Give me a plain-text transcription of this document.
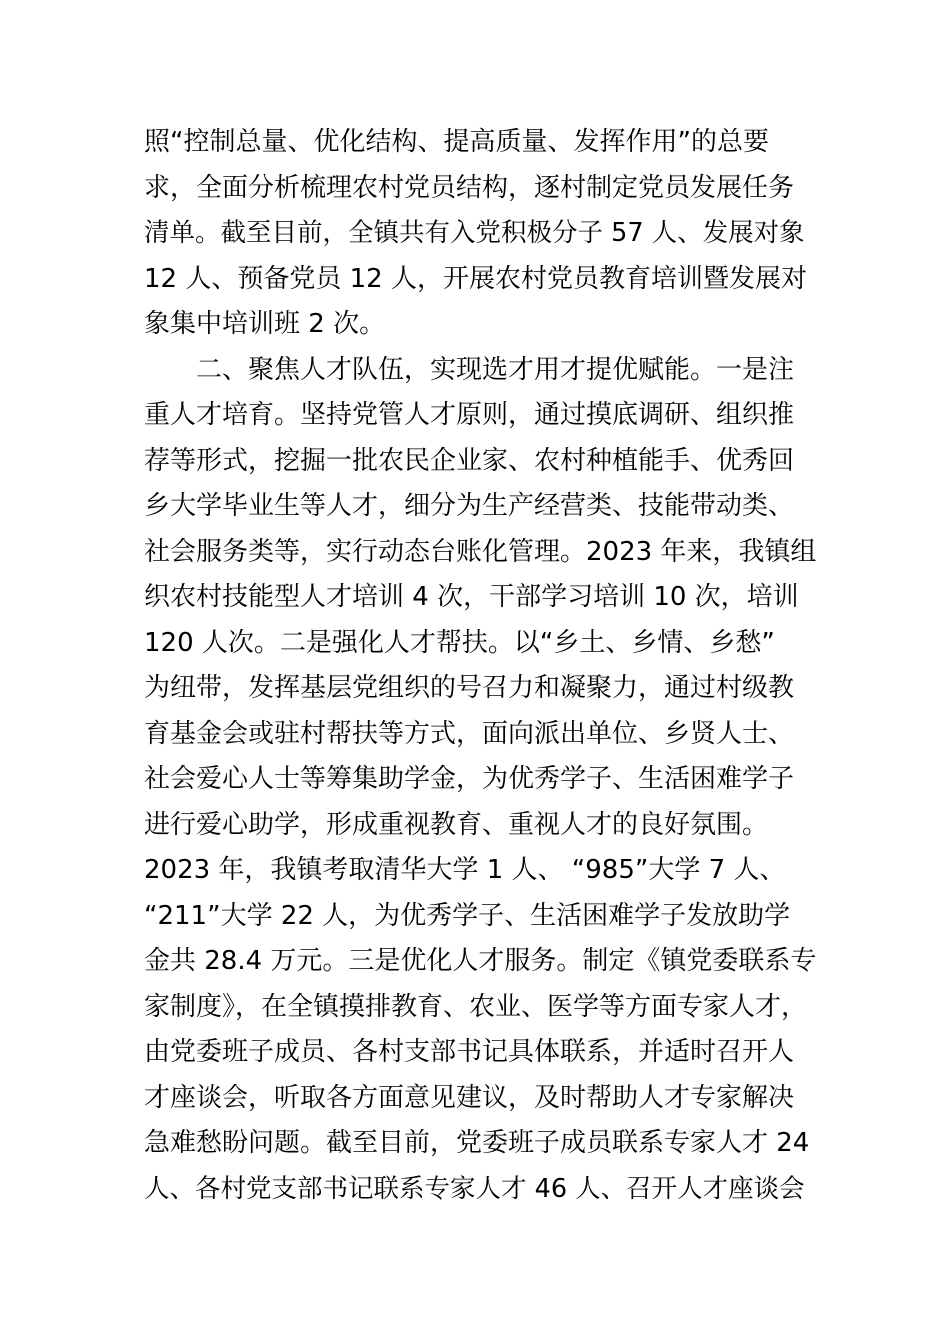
照“控制总量、优化结构、提高质量、发挥作用”的总要
求，全面分析梳理农村党员结构，逐村制定党员发展任务
清单。截至目前，全镇共有入党积极分子 57 人、发展对象
12 人、预备党员 12 人，开展农村党员教育培训暨发展对
象集中培训班 2 次。
二、聚焦人才队伍，实现选才用才提优赋能。一是注
重人才培育。坚持党管人才原则，通过摸底调研、组织推
荐等形式，挖掘一批农民企业家、农村种植能手、优秀回
乡大学毕业生等人才，细分为生产经营类、技能带动类、
社会服务类等，实行动态台账化管理。2023 年来，我镇组
织农村技能型人才培训 4 次，干部学习培训 10 次，培训
120 人次。二是强化人才帮扶。以“乡土、乡情、乡愁”
为纽带，发挥基层党组织的号召力和凝聚力，通过村级教
育基金会或驻村帮扶等方式，面向派出单位、乡贤人士、
社会爱心人士等筹集助学金，为优秀学子、生活困难学子
进行爱心助学，形成重视教育、重视人才的良好氛围。
2023 年，我镇考取清华大学 1 人、 “985”大学 7 人、
“211”大学 22 人，为优秀学子、生活困难学子发放助学
金共 28.4 万元。三是优化人才服务。制定《镇党委联系专
家制度》，在全镇摸排教育、农业、医学等方面专家人才，
由党委班子成员、各村支部书记具体联系，并适时召开人
才座谈会，听取各方面意见建议，及时帮助人才专家解决
急难愁盼问题。截至目前，党委班子成员联系专家人才 24
人、各村党支部书记联系专家人才 46 人、召开人才座谈会
